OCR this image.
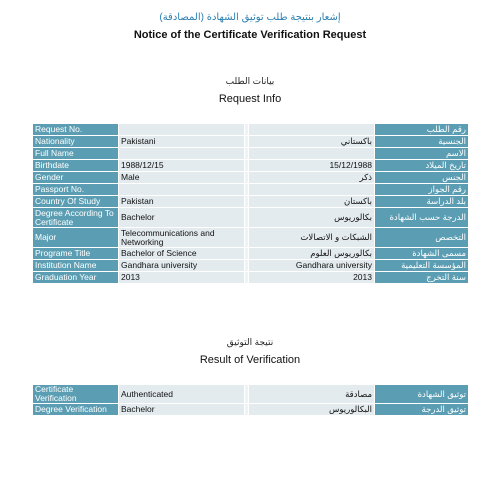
إشعار بنتيجة طلب توثيق الشهادة (المصادقة)
Notice of the Certificate Verification Request
بيانات الطلب
Request Info
Request No.				رقم الطلب
Nationality	Pakistani		باكستاني	الجنسية
Full Name				الاسم
Birthdate	1988/12/15		15/12/1988	تاريخ الميلاد
Gender	Male		ذكر	الجنس
Passport No.				رقم الجواز
Country Of Study	Pakistan		باكستان	بلد الدراسة
Degree According To Certificate	Bachelor		بكالوريوس	الدرجة حسب الشهادة
Major	Telecommunications and Networking		الشبكات و الاتصالات	التخصص
Programe Title	Bachelor of Science		بكالوريوس العلوم	مسمى الشهادة
Institution Name	Gandhara university		Gandhara university	المؤسسة التعليمية
Graduation Year	2013		2013	سنة التخرج
نتيجة التوثيق
Result of Verification
Certificate Verification	Authenticated		مصادقة	توثيق الشهادة
Degree Verification	Bachelor		البكالوريوس	توثيق الدرجة
